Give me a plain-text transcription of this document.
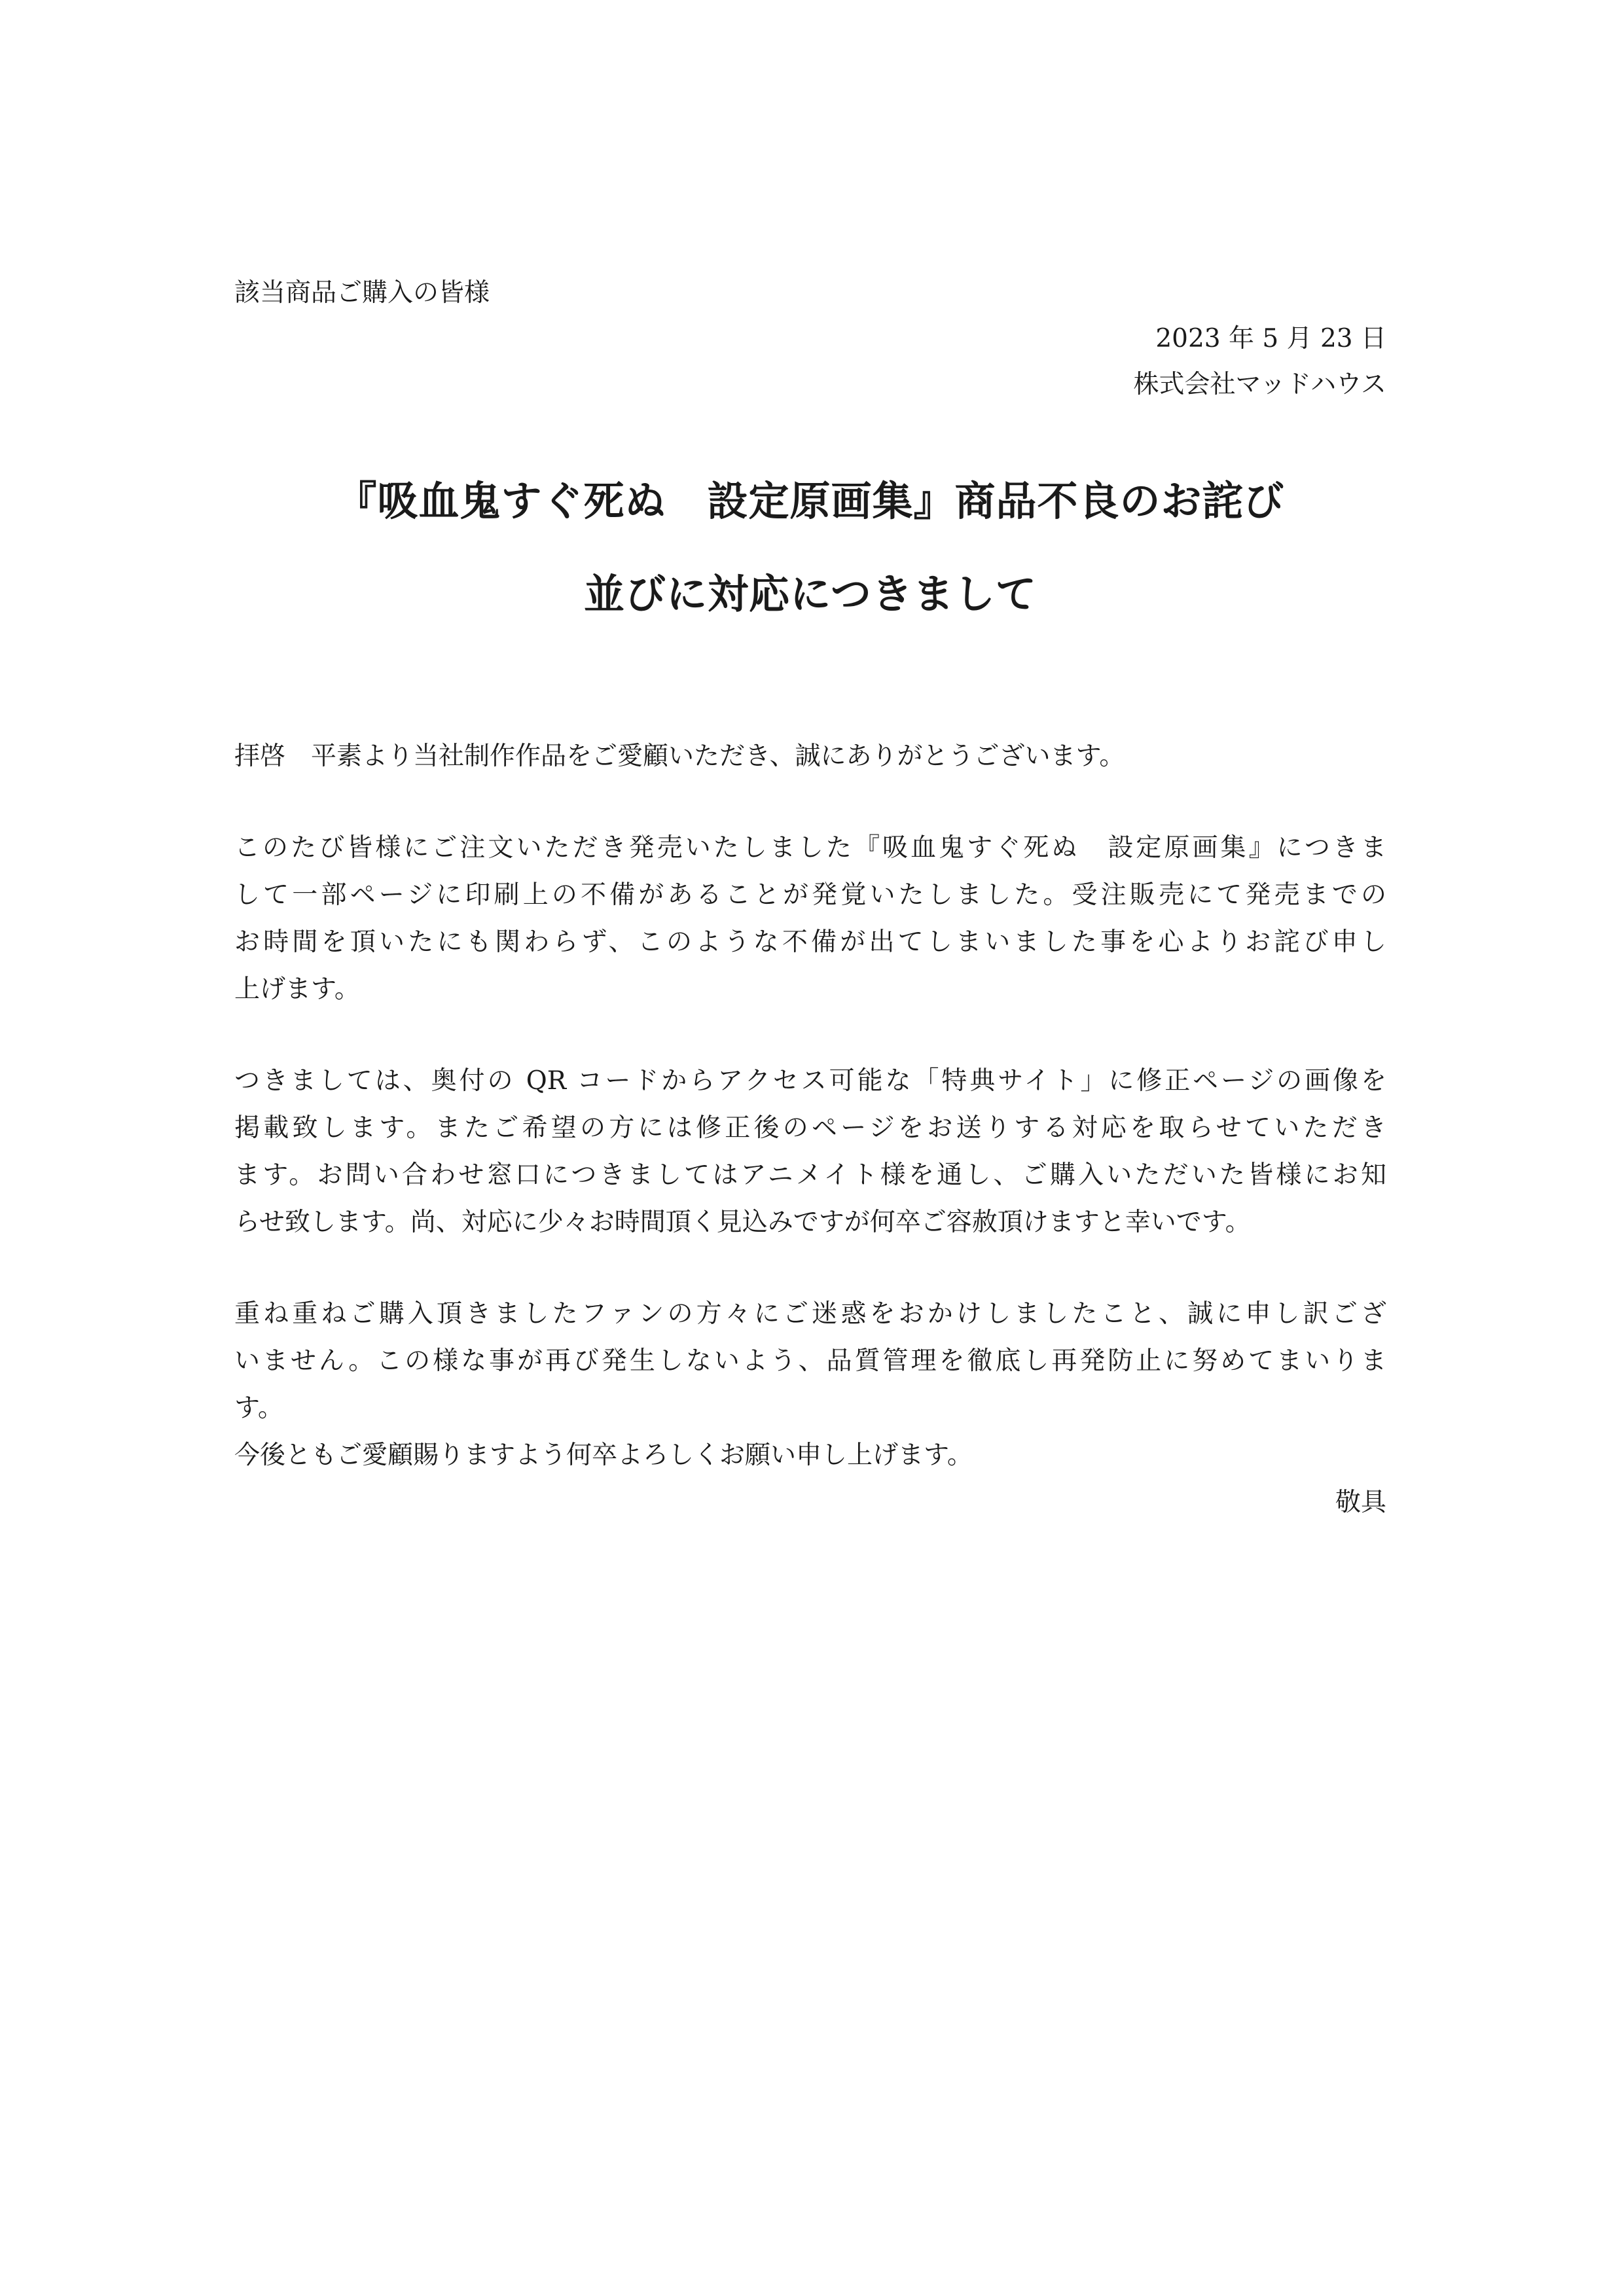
該当商品ご購入の皆様
2023 年 5 月 23 日
株式会社マッドハウス
『吸血鬼すぐ死ぬ　設定原画集』商品不良のお詫び
並びに対応につきまして

拝啓　平素より当社制作作品をご愛顧いただき、誠にありがとうございます。

このたび皆様にご注文いただき発売いたしました『吸血鬼すぐ死ぬ　設定原画集』につきま
して一部ページに印刷上の不備があることが発覚いたしました。受注販売にて発売までの
お時間を頂いたにも関わらず、このような不備が出てしまいました事を心よりお詫び申し
上げます。

つきましては、奥付の QR コードからアクセス可能な「特典サイト」に修正ページの画像を
掲載致します。またご希望の方には修正後のページをお送りする対応を取らせていただき
ます。お問い合わせ窓口につきましてはアニメイト様を通し、ご購入いただいた皆様にお知
らせ致します。尚、対応に少々お時間頂く見込みですが何卒ご容赦頂けますと幸いです。

重ね重ねご購入頂きましたファンの方々にご迷惑をおかけしましたこと、誠に申し訳ござ
いません。この様な事が再び発生しないよう、品質管理を徹底し再発防止に努めてまいりま
す。
今後ともご愛顧賜りますよう何卒よろしくお願い申し上げます。

敬具
